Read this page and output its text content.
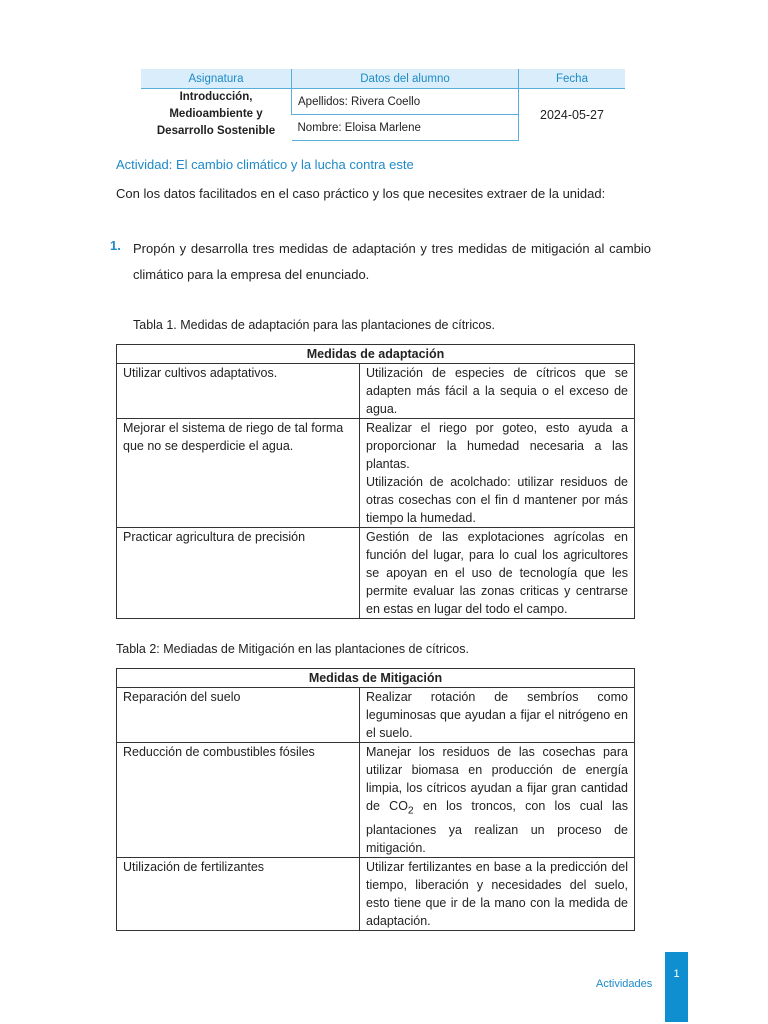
Asignatura	Datos del alumno	Fecha

Introducción,
Medioambiente y
Desarrollo Sostenible	Apellidos: Rivera Coello	2024-05-27
	Nombre: Eloisa Marlene	
Actividad: El cambio climático y la lucha contra este
Con los datos facilitados en el caso práctico y los que necesites extraer de la unidad:
1. Propón y desarrolla tres medidas de adaptación y tres medidas de mitigación al cambio climático para la empresa del enunciado.
Tabla 1. Medidas de adaptación para las plantaciones de cítricos.
Medidas de adaptación	
Utilizar cultivos adaptativos.	Utilización de especies de cítricos que se adapten más fácil a la sequia o el exceso de agua.
Mejorar el sistema de riego de tal forma que no se desperdicie el agua.	Realizar el riego por goteo, esto ayuda a proporcionar la humedad necesaria a las plantas.
Utilización de acolchado: utilizar residuos de otras cosechas con el fin d mantener por más tiempo la humedad.

Practicar agricultura de precisión	Gestión de las explotaciones agrícolas en función del lugar, para lo cual los agricultores se apoyan en el uso de tecnología que les permite evaluar las zonas criticas y centrarse en estas en lugar del todo el campo.
Tabla 2: Mediadas de Mitigación en las plantaciones de cítricos.
Medidas de Mitigación	
Reparación del suelo	Realizar rotación de sembríos como leguminosas que ayudan a fijar el nitrógeno en el suelo.
Reducción de combustibles fósiles	Manejar los residuos de las cosechas para utilizar biomasa en producción de energía limpia, los cítricos ayudan a fijar gran cantidad de $CO_2$ en los troncos, con los cual las plantaciones ya realizan un proceso de mitigación.
Utilización de fertilizantes	Utilizar fertilizantes en base a la predicción del tiempo, liberación y necesidades del suelo, esto tiene que ir de la mano con la medida de adaptación.
Actividades
1
